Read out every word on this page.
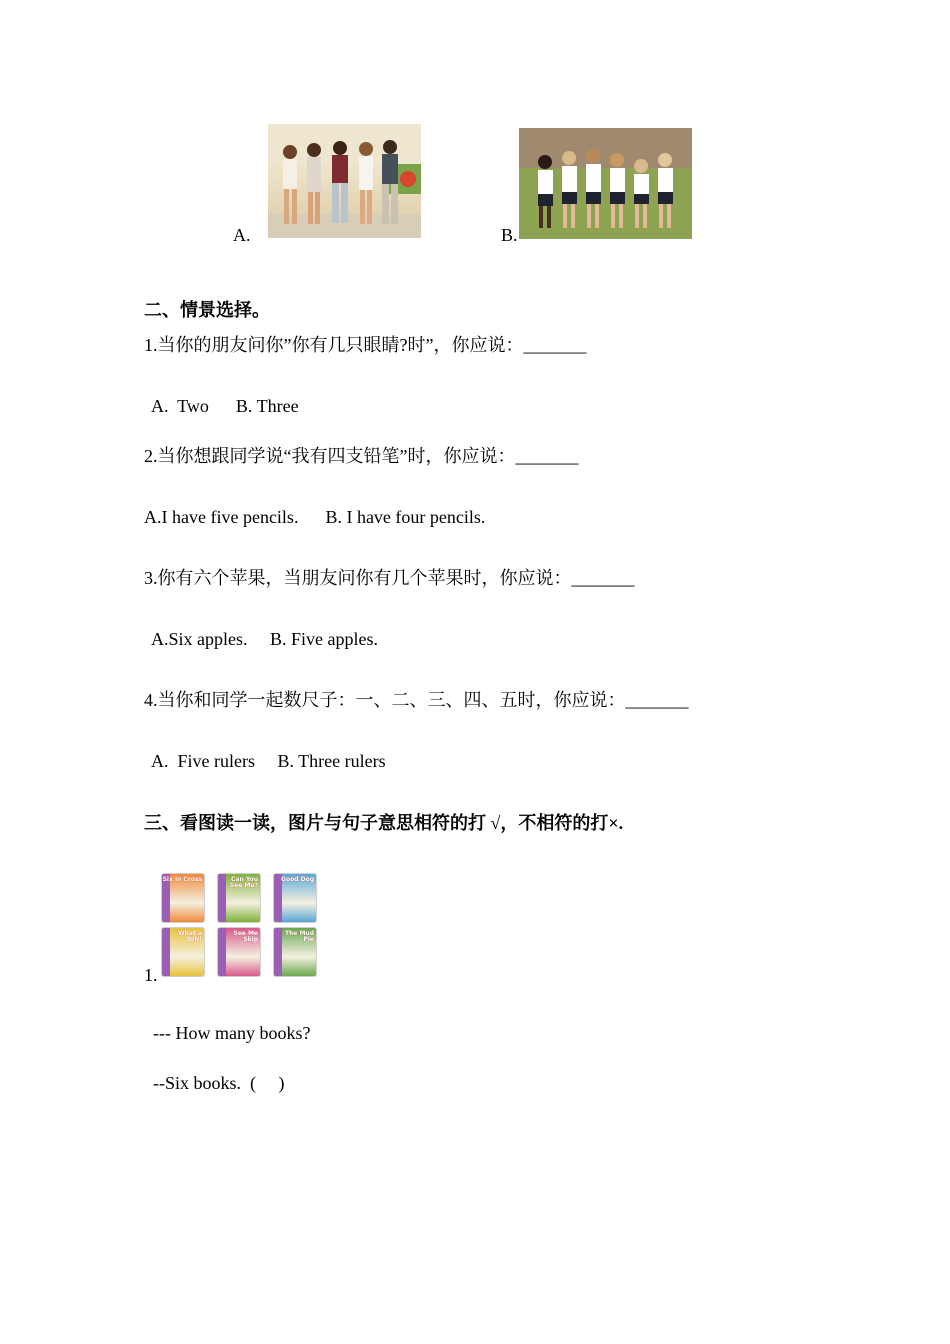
A.	B.
二、情景选择。
1.当你的朋友问你”你有几只眼睛?时”，你应说：_______
A.  Two      B. Three
2.当你想跟同学说“我有四支铅笔”时，你应说：_______
A.I have five pencils.      B. I have four pencils.
3.你有六个苹果，当朋友问你有几个苹果时，你应说：_______
A.Six apples.     B. Five apples.
4.当你和同学一起数尺子：一、二、三、四、五时，你应说：_______
A.  Five rulers     B. Three rulers
三、看图读一读，图片与句子意思相符的打 √，不相符的打×.
1.
Six in Cross	Can You See Me?
Good Dog
What a DIN!
See Me Skip
The Mud Pie
--- How many books?
--Six books.  (     )
